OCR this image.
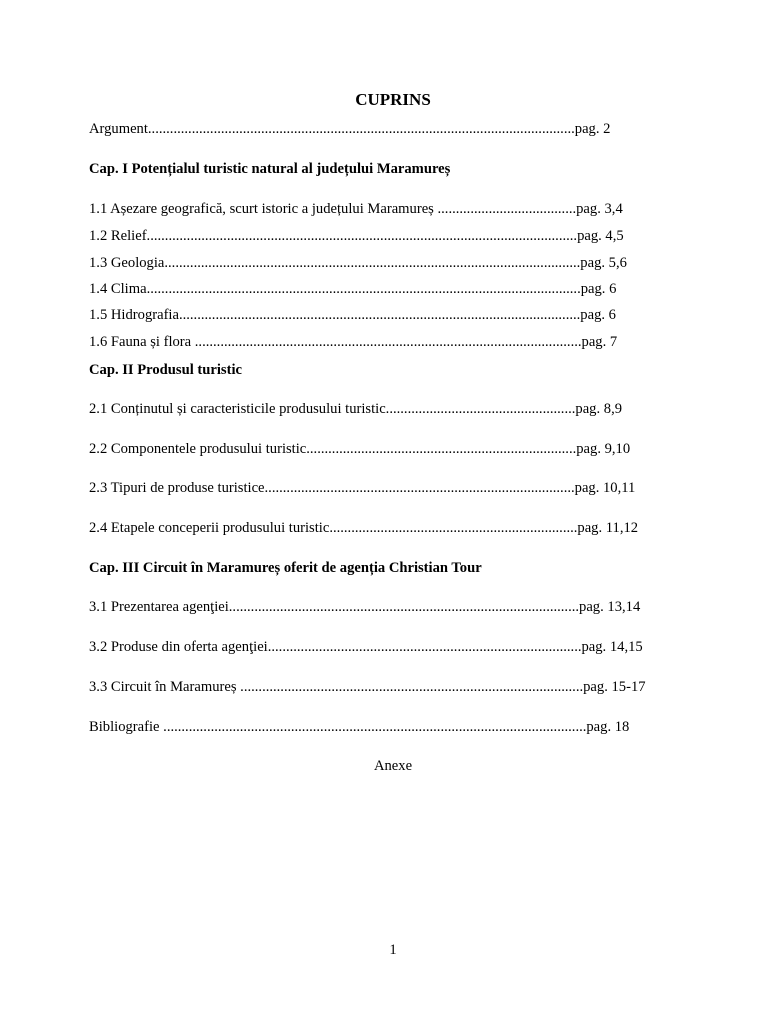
CUPRINS
Argument.....................................................................................................................pag. 2
Cap. I Potențialul turistic natural al județului Maramureș
1.1 Așezare geografică, scurt istoric a județului Maramureș ......................................pag. 3,4
1.2 Relief......................................................................................................................pag. 4,5
1.3 Geologia..................................................................................................................pag. 5,6
1.4 Clima.......................................................................................................................pag. 6
1.5 Hidrografia..............................................................................................................pag. 6
1.6 Fauna și flora ..........................................................................................................pag. 7
Cap. II Produsul turistic
2.1 Conținutul și caracteristicile produsului turistic....................................................pag. 8,9
2.2 Componentele produsului turistic..........................................................................pag. 9,10
2.3 Tipuri de produse turistice.....................................................................................pag. 10,11
2.4 Etapele conceperii produsului turistic....................................................................pag. 11,12
Cap. III Circuit în Maramureș oferit de agenția Christian Tour
3.1 Prezentarea agenţiei................................................................................................pag. 13,14
3.2 Produse din oferta agenţiei......................................................................................pag. 14,15
3.3 Circuit în Maramureș ..............................................................................................pag. 15-17
Bibliografie ....................................................................................................................pag. 18
Anexe
1
